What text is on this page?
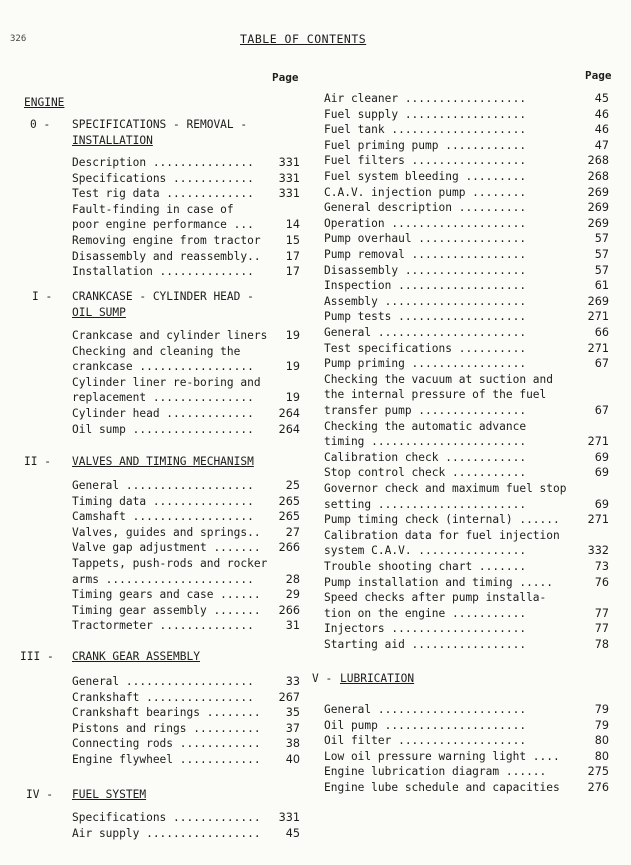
326	TABLE OF CONTENTS
Page	Page
ENGINE
0 - SPECIFICATIONS - REMOVAL -
INSTALLATION
Description ............... 331
Specifications ............ 331
Test rig data ............. 331
Fault-finding in case of
poor engine performance ...	14
Removing engine from tractor 15
Disassembly and reassembly.. 17
Installation ..............	17
I - CRANKCASE - CYLINDER HEAD -
OIL SUMP
Crankcase and cylinder liners 19
Checking and cleaning the
crankcase .................	19
Cylinder liner re-boring and
replacement ...............	19
Cylinder head ............. 264
Oil sump .................. 264
II - VALVES AND TIMING MECHANISM
General ...................	25
Timing data ............... 265
Camshaft .................. 265
Valves, guides and springs.. 27
Valve gap adjustment ....... 266
Tappets, push-rods and rocker
arms ......................	28
Timing gears and case ...... 29
Timing gear assembly ....... 266
Tractormeter ..............	31
III - CRANK GEAR ASSEMBLY
General ...................	33
Crankshaft ................ 267
Crankshaft bearings ........ 35
Pistons and rings .......... 37
Connecting rods ............ 38
Engine flywheel ............ 40
IV - FUEL SYSTEM
Specifications ............. 331
Air supply ................. 45
Air cleaner ..................	45
Fuel supply ..................	46
Fuel tank ....................	46
Fuel priming pump ............	47
Fuel filters .................	268
Fuel system bleeding .........	268
C.A.V. injection pump ........	269
General description ..........	269
Operation ....................	269
Pump overhaul ................	57
Pump removal .................	57
Disassembly ..................	57
Inspection ...................	61
Assembly .....................	269
Pump tests ...................	271
General ......................	66
Test specifications ..........	271
Pump priming .................	67
Checking the vacuum at suction and
the internal pressure of the fuel
transfer pump ................	67
Checking the automatic advance
timing .......................	271
Calibration check ............	69
Stop control check ...........	69
Governor check and maximum fuel stop
setting ......................	69
Pump timing check (internal) ...... 271
Calibration data for fuel injection
system C.A.V. ................	332
Trouble shooting chart .......	73
Pump installation and timing .....	76
Speed checks after pump installa-
tion on the engine ...........	77
Injectors ....................	77
Starting aid .................	78
V - LUBRICATION
General ......................	79
Oil pump .....................	79
Oil filter ...................	80
Low oil pressure warning light ....	80
Engine lubrication diagram ......	275
Engine lube schedule and capacities 276
